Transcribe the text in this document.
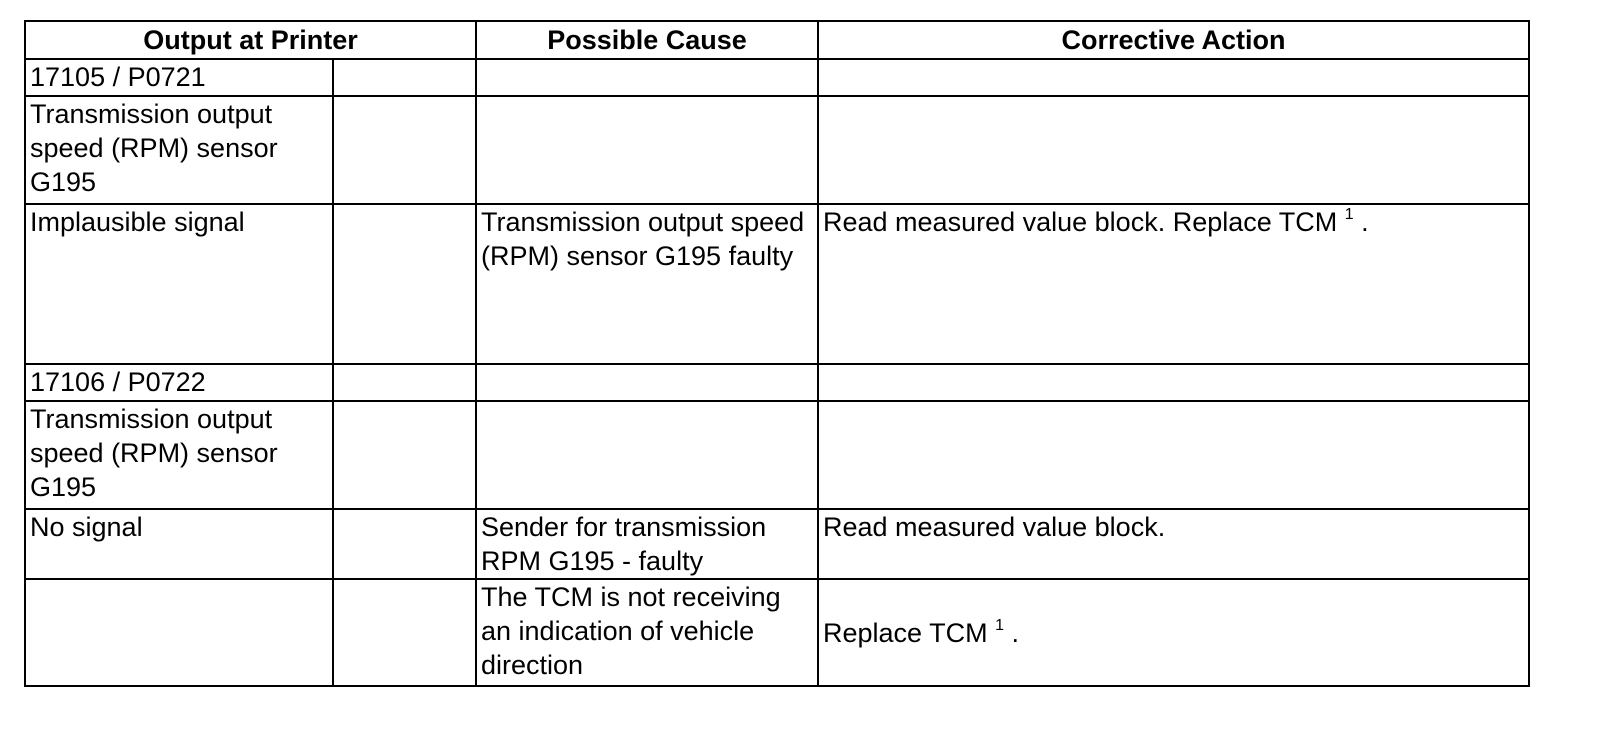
Output at Printer		Possible Cause	Corrective Action
17105 / P0721			
Transmission output speed (RPM) sensor G195			
Implausible signal		Transmission output speed (RPM) sensor G195 faulty	Read measured value block. Replace TCM $^1$ .
17106 / P0722			
Transmission output speed (RPM) sensor G195			
No signal		Sender for transmission RPM G195 - faulty	Read measured value block.
		The TCM is not receiving an indication of vehicle direction	Replace TCM $^1$ .
